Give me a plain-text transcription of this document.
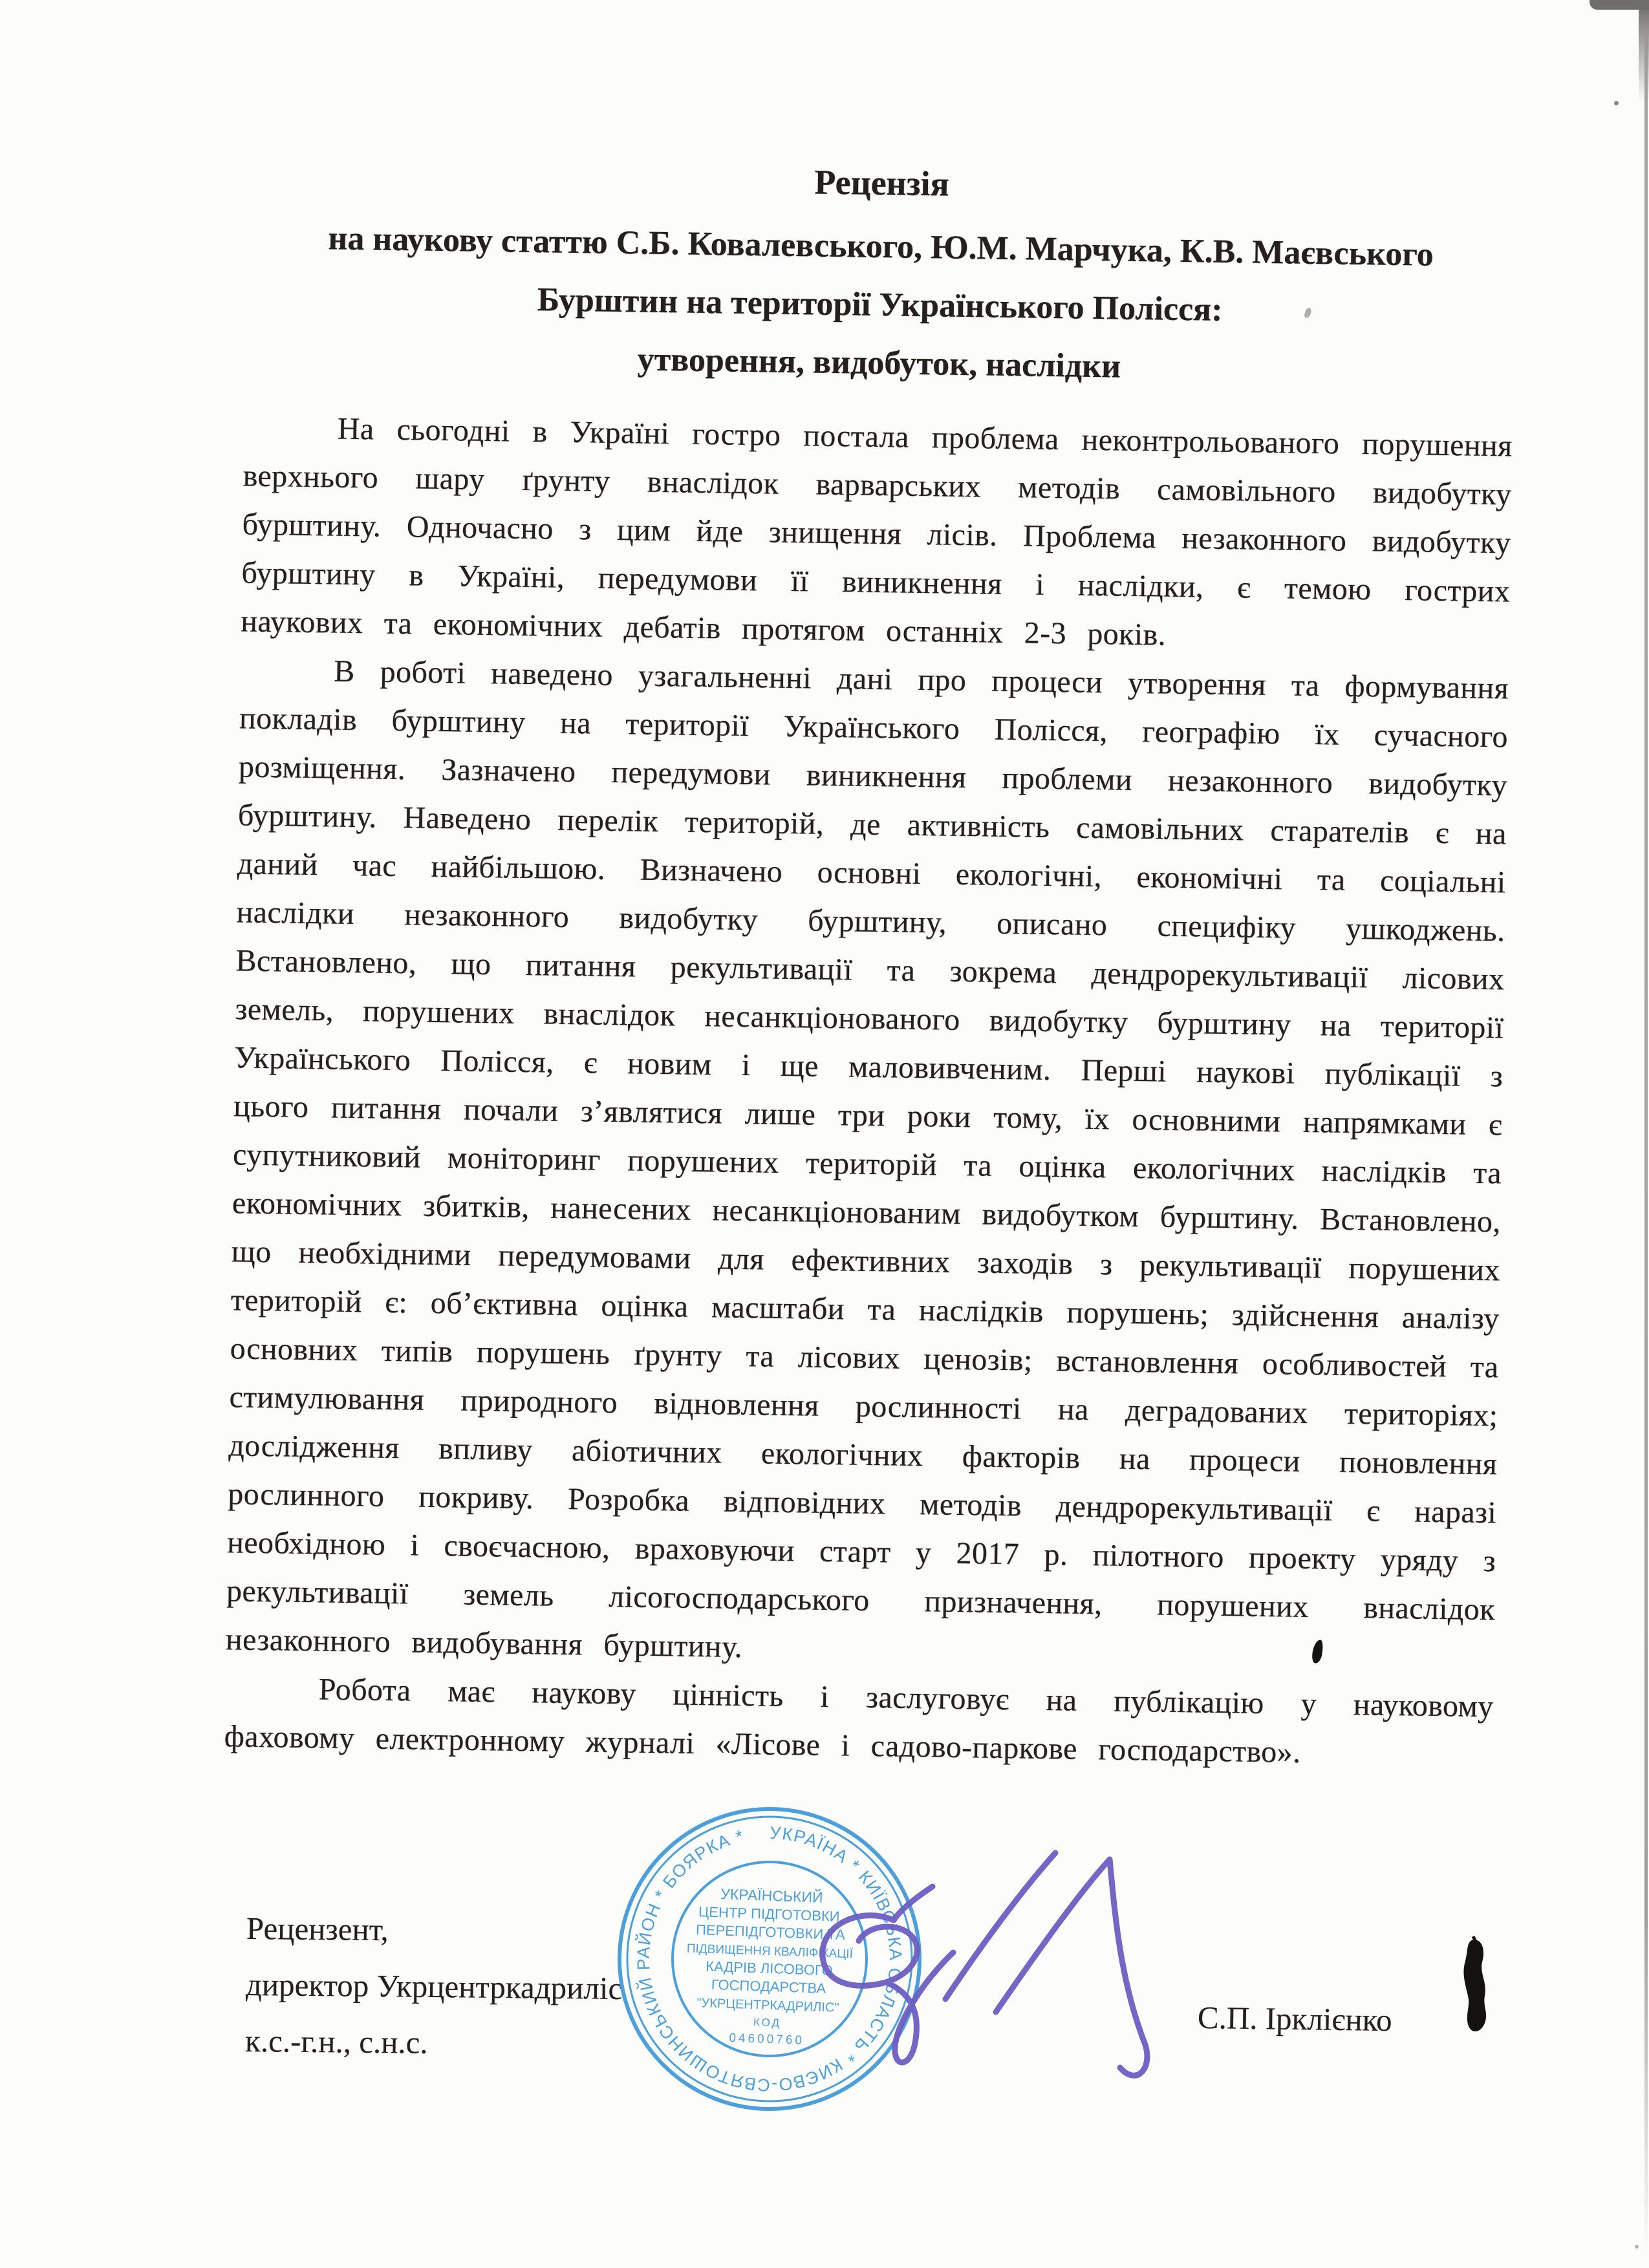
Рецензія
на наукову статтю С.Б. Ковалевського, Ю.М. Марчука, К.В. Маєвського
Бурштин на території Українського Полісся:
утворення, видобуток, наслідки

На сьогодні в Україні гостро постала проблема неконтрольованого порушення верхнього шару ґрунту внаслідок варварських методів самовільного видобутку бурштину. Одночасно з цим йде знищення лісів. Проблема незаконного видобутку бурштину в Україні, передумови її виникнення і наслідки, є темою гострих наукових та економічних дебатів протягом останніх 2-3 років.

В роботі наведено узагальненні дані про процеси утворення та формування покладів бурштину на території Українського Полісся, географію їх сучасного розміщення. Зазначено передумови виникнення проблеми незаконного видобутку бурштину. Наведено перелік територій, де активність самовільних старателів є на даний час найбільшою. Визначено основні екологічні, економічні та соціальні наслідки незаконного видобутку бурштину, описано специфіку ушкоджень. Встановлено, що питання рекультивації та зокрема дендрорекультивації лісових земель, порушених внаслідок несанкціонованого видобутку бурштину на території Українського Полісся, є новим і ще маловивченим. Перші наукові публікації з цього питання почали з’являтися лише три роки тому, їх основними напрямками є супутниковий моніторинг порушених територій та оцінка екологічних наслідків та економічних збитків, нанесених несанкціонованим видобутком бурштину. Встановлено, що необхідними передумовами для ефективних заходів з рекультивації порушених територій є: об’єктивна оцінка масштаби та наслідків порушень; здійснення аналізу основних типів порушень ґрунту та лісових ценозів; встановлення особливостей та стимулювання природного відновлення рослинності на деградованих територіях; дослідження впливу абіотичних екологічних факторів на процеси поновлення рослинного покриву. Розробка відповідних методів дендрорекультивації є наразі необхідною і своєчасною, враховуючи старт у 2017 р. пілотного проекту уряду з рекультивації земель лісогосподарського призначення, порушених внаслідок незаконного видобування бурштину.

Робота має наукову цінність і заслуговує на публікацію у науковому фаховому електронному журналі «Лісове і садово-паркове господарство».

Рецензент,
директор Укрцентркадриліс
к.с.-г.н., с.н.с.
С.П. Ірклієнко
УКРАЇНА * КИЇВСЬКА ОБЛАСТЬ * КИЄВО-СВЯТОШИНСЬКИЙ РАЙОН * БОЯРКА *
УКРАЇНСЬКИЙ
ЦЕНТР ПІДГОТОВКИ,
ПЕРЕПІДГОТОВКИ ТА
ПІДВИЩЕННЯ КВАЛІФІКАЦІЇ
КАДРІВ ЛІСОВОГО
ГОСПОДАРСТВА
"УКРЦЕНТРКАДРИЛІС"
КОД
04600760
